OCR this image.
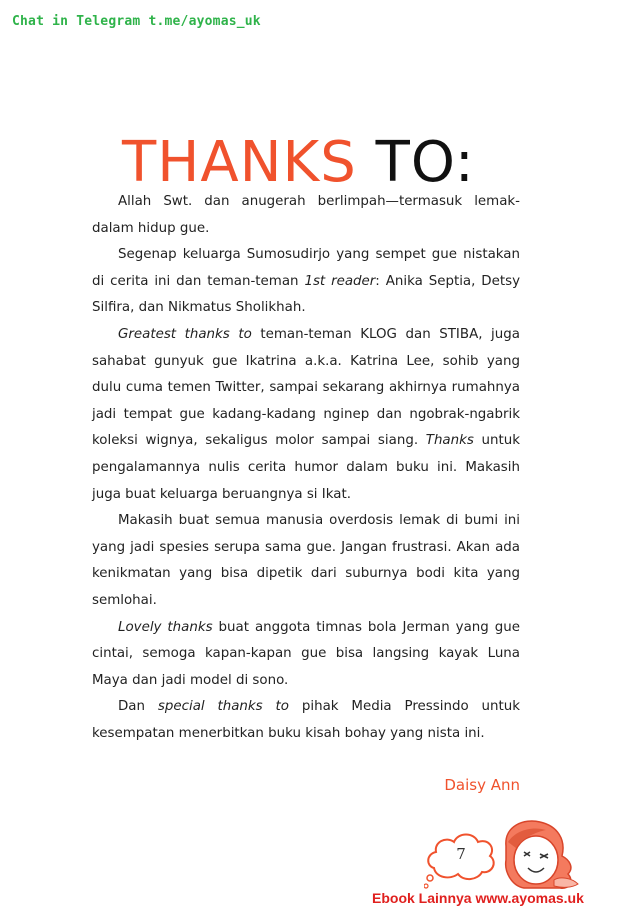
Chat in Telegram t.me/ayomas_uk
THANKS TO:

Allah Swt. dan anugerah berlimpah—termasuk lemak-dalam hidup gue.

Segenap keluarga Sumosudirjo yang sempet gue nistakan di cerita ini dan teman-teman 1st reader: Anika Septia, Detsy Silfira, dan Nikmatus Sholikhah.

Greatest thanks to teman-teman KLOG dan STIBA, juga sahabat gunyuk gue Ikatrina a.k.a. Katrina Lee, sohib yang dulu cuma temen Twitter, sampai sekarang akhirnya rumahnya jadi tempat gue kadang-kadang nginep dan ngobrak-ngabrik koleksi wignya, sekaligus molor sampai siang. Thanks untuk pengalamannya nulis cerita humor dalam buku ini. Makasih juga buat keluarga beruangnya si Ikat.

Makasih buat semua manusia overdosis lemak di bumi ini yang jadi spesies serupa sama gue. Jangan frustrasi. Akan ada kenikmatan yang bisa dipetik dari suburnya bodi kita yang semlohai.

Lovely thanks buat anggota timnas bola Jerman yang gue cintai, semoga kapan-kapan gue bisa langsing kayak Luna Maya dan jadi model di sono.

Dan special thanks to pihak Media Pressindo untuk kesempatan menerbitkan buku kisah bohay yang nista ini.

Daisy Ann
7
Ebook Lainnya www.ayomas.uk
